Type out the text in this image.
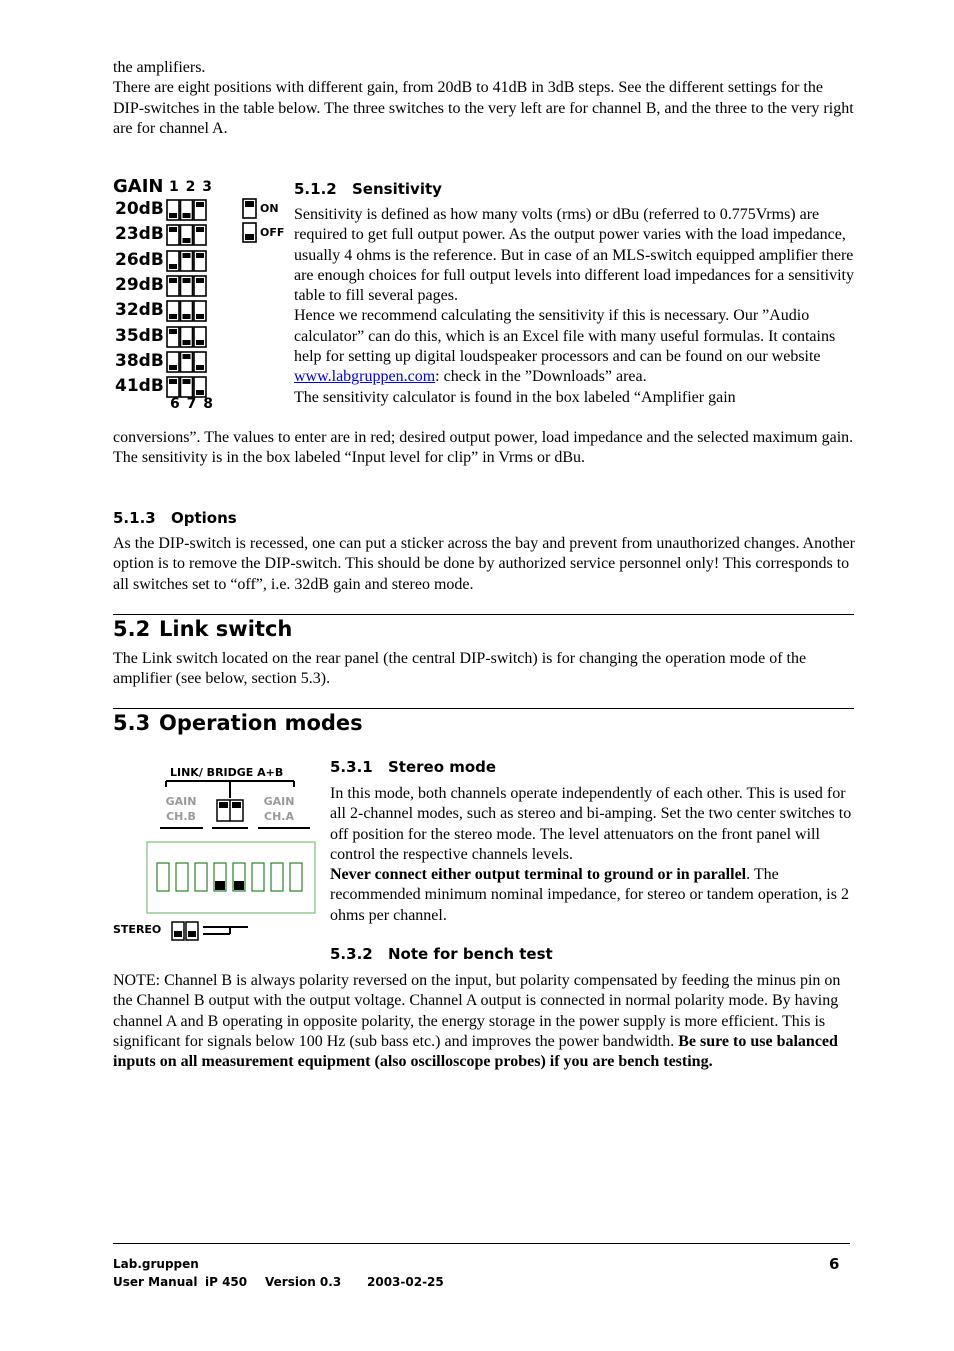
the amplifiers.

There are eight positions with different gain, from 20dB to 41dB in 3dB steps. See the different settings for the DIP-switches in the table below. The three switches to the very left are for channel B, and the three to the very right are for channel A.

GAIN 1 2 3
20dB
23dB
26dB
29dB
32dB
35dB
38dB
41dB
6 7 8
ON
OFF
5.1.2 Sensitivity

Sensitivity is defined as how many volts (rms) or dBu (referred to 0.775Vrms) are required to get full output power. As the output power varies with the load impedance, usually 4 ohms is the reference. But in case of an MLS-switch equipped amplifier there are enough choices for full output levels into different load impedances for a sensitivity table to fill several pages.

Hence we recommend calculating the sensitivity if this is necessary. Our ”Audio calculator” can do this, which is an Excel file with many useful formulas. It contains help for setting up digital loudspeaker processors and can be found on our website www.labgruppen.com: check in the ”Downloads” area.

The sensitivity calculator is found in the box labeled “Amplifier gain

conversions”. The values to enter are in red; desired output power, load impedance and the selected maximum gain. The sensitivity is in the box labeled “Input level for clip” in Vrms or dBu.
5.1.3 Options
As the DIP-switch is recessed, one can put a sticker across the bay and prevent from unauthorized changes. Another option is to remove the DIP-switch. This should be done by authorized service personnel only! This corresponds to all switches set to “off”, i.e. 32dB gain and stereo mode.
5.2 Link switch
The Link switch located on the rear panel (the central DIP-switch) is for changing the operation mode of the amplifier (see below, section 5.3).
5.3 Operation modes
LINK/ BRIDGE A+B
GAIN
CH.B
GAIN
CH.A
STEREO
5.3.1 Stereo mode

In this mode, both channels operate independently of each other. This is used for all 2-channel modes, such as stereo and bi-amping. Set the two center switches to off position for the stereo mode. The level attenuators on the front panel will control the respective channels levels.

Never connect either output terminal to ground or in parallel. The recommended minimum nominal impedance, for stereo or tandem operation, is 2 ohms per channel.

5.3.2 Note for bench test
NOTE: Channel B is always polarity reversed on the input, but polarity compensated by feeding the minus pin on the Channel B output with the output voltage. Channel A output is connected in normal polarity mode. By having channel A and B operating in opposite polarity, the energy storage in the power supply is more efficient. This is significant for signals below 100 Hz (sub bass etc.) and improves the power bandwidth. Be sure to use balanced inputs on all measurement equipment (also oscilloscope probes) if you are bench testing.
Lab.gruppen
User Manual iP 450 Version 0.3 2003-02-25
6
